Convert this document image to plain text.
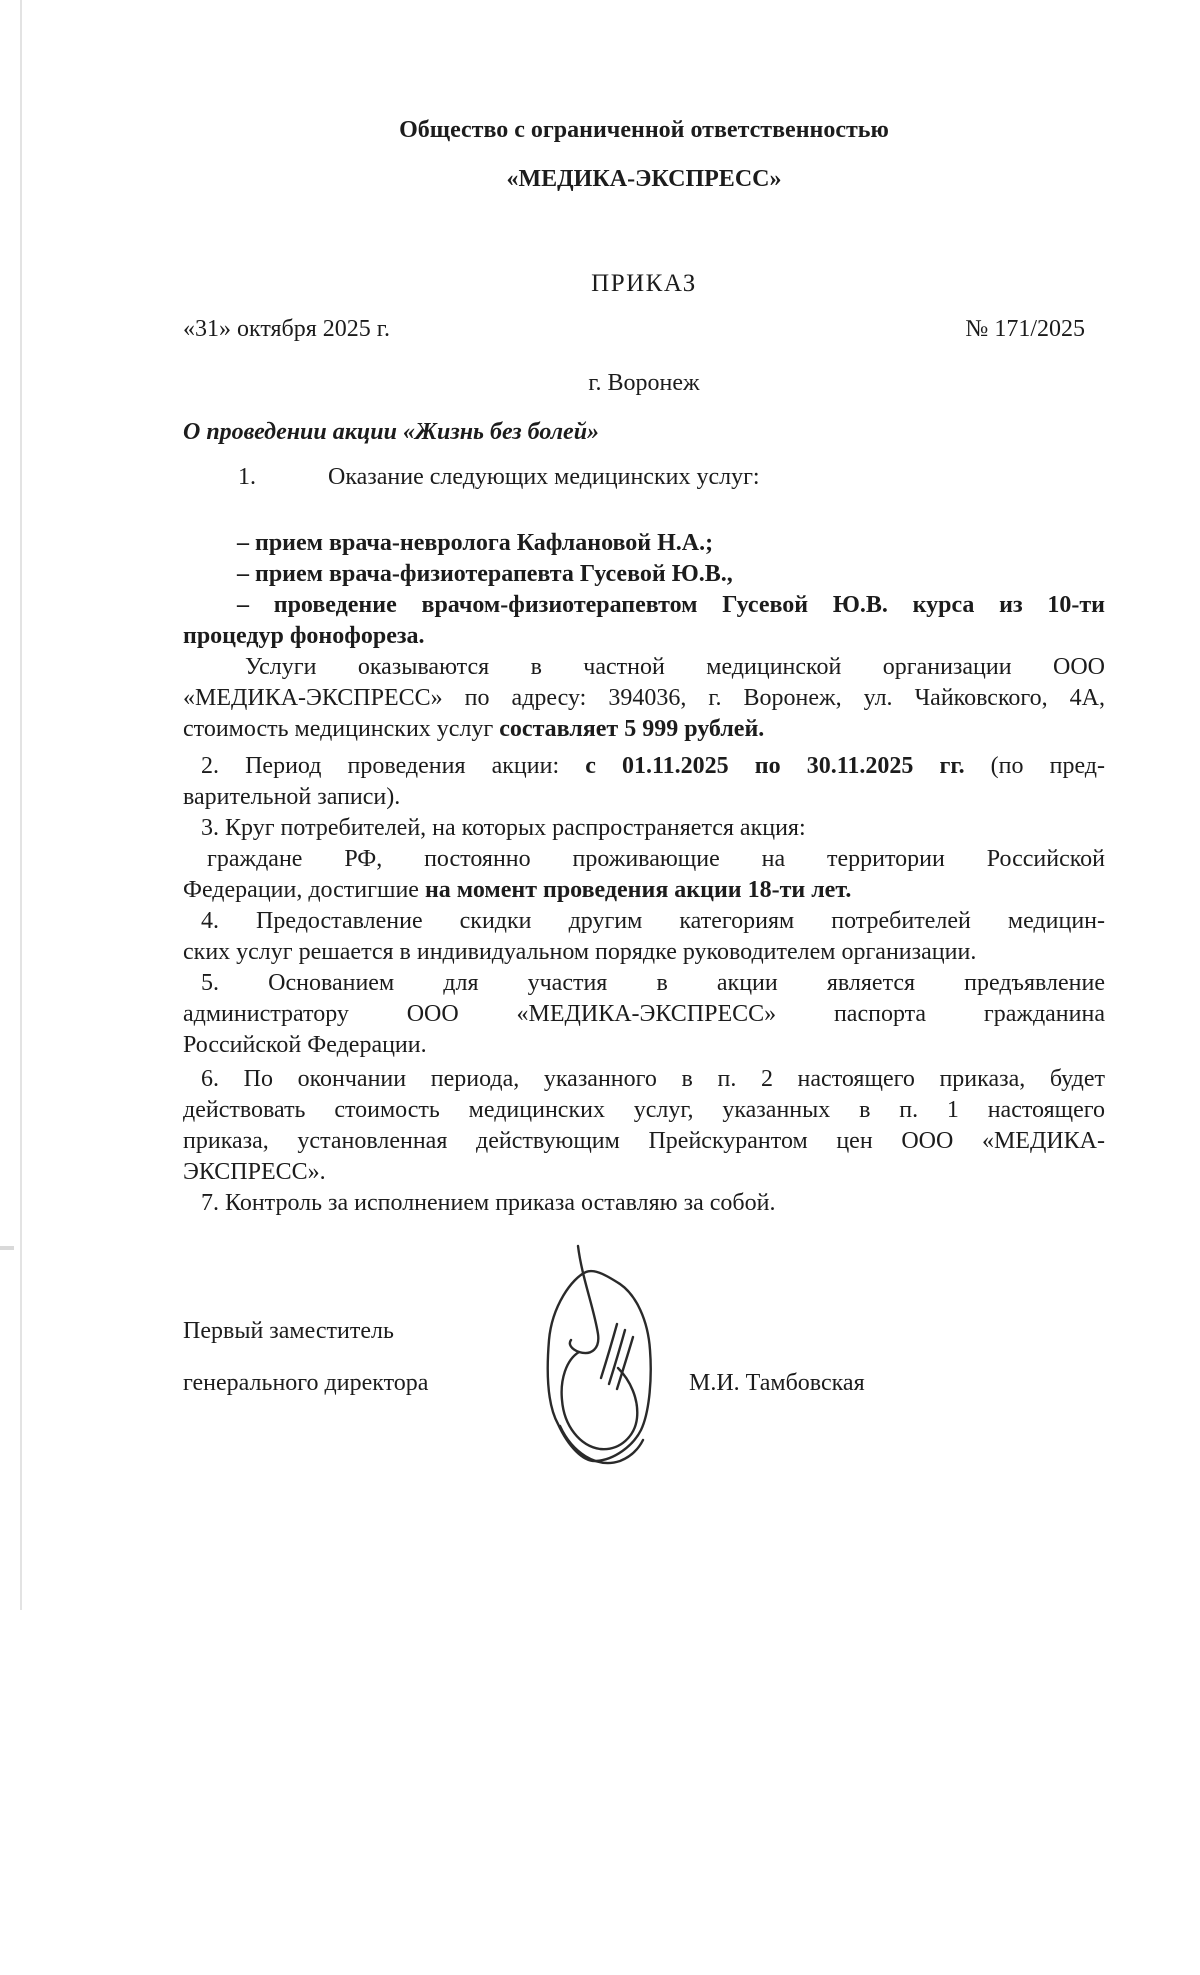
Общество с ограниченной ответственностью
«МЕДИКА-ЭКСПРЕСС»
ПРИКАЗ
«31» октября 2025 г.	№ 171/2025
г. Воронеж
О проведении акции «Жизнь без болей»
1.	Оказание следующих медицинских услуг:
– прием врача-невролога Кафлановой Н.А.;
– прием врача-физиотерапевта Гусевой Ю.В.,
– проведение врачом-физиотерапевтом Гусевой Ю.В. курса из 10-ти
процедур фонофореза.
Услуги оказываются в частной медицинской организации ООО
«МЕДИКА-ЭКСПРЕСС» по адресу: 394036, г. Воронеж, ул. Чайковского, 4А,
стоимость медицинских услуг составляет 5 999 рублей.
2. Период проведения акции: с 01.11.2025 по 30.11.2025 гг. (по пред-
варительной записи).
3. Круг потребителей, на которых распространяется акция:
граждане РФ, постоянно проживающие на территории Российской
Федерации, достигшие на момент проведения акции 18-ти лет.
4. Предоставление скидки другим категориям потребителей медицин-
ских услуг решается в индивидуальном порядке руководителем организации.
5. Основанием для участия в акции является предъявление
администратору ООО «МЕДИКА-ЭКСПРЕСС» паспорта гражданина
Российской Федерации.
6. По окончании периода, указанного в п. 2 настоящего приказа, будет
действовать стоимость медицинских услуг, указанных в п. 1 настоящего
приказа, установленная действующим Прейскурантом цен ООО «МЕДИКА-
ЭКСПРЕСС».
7. Контроль за исполнением приказа оставляю за собой.
Первый заместитель
генерального директора	М.И. Тамбовская
